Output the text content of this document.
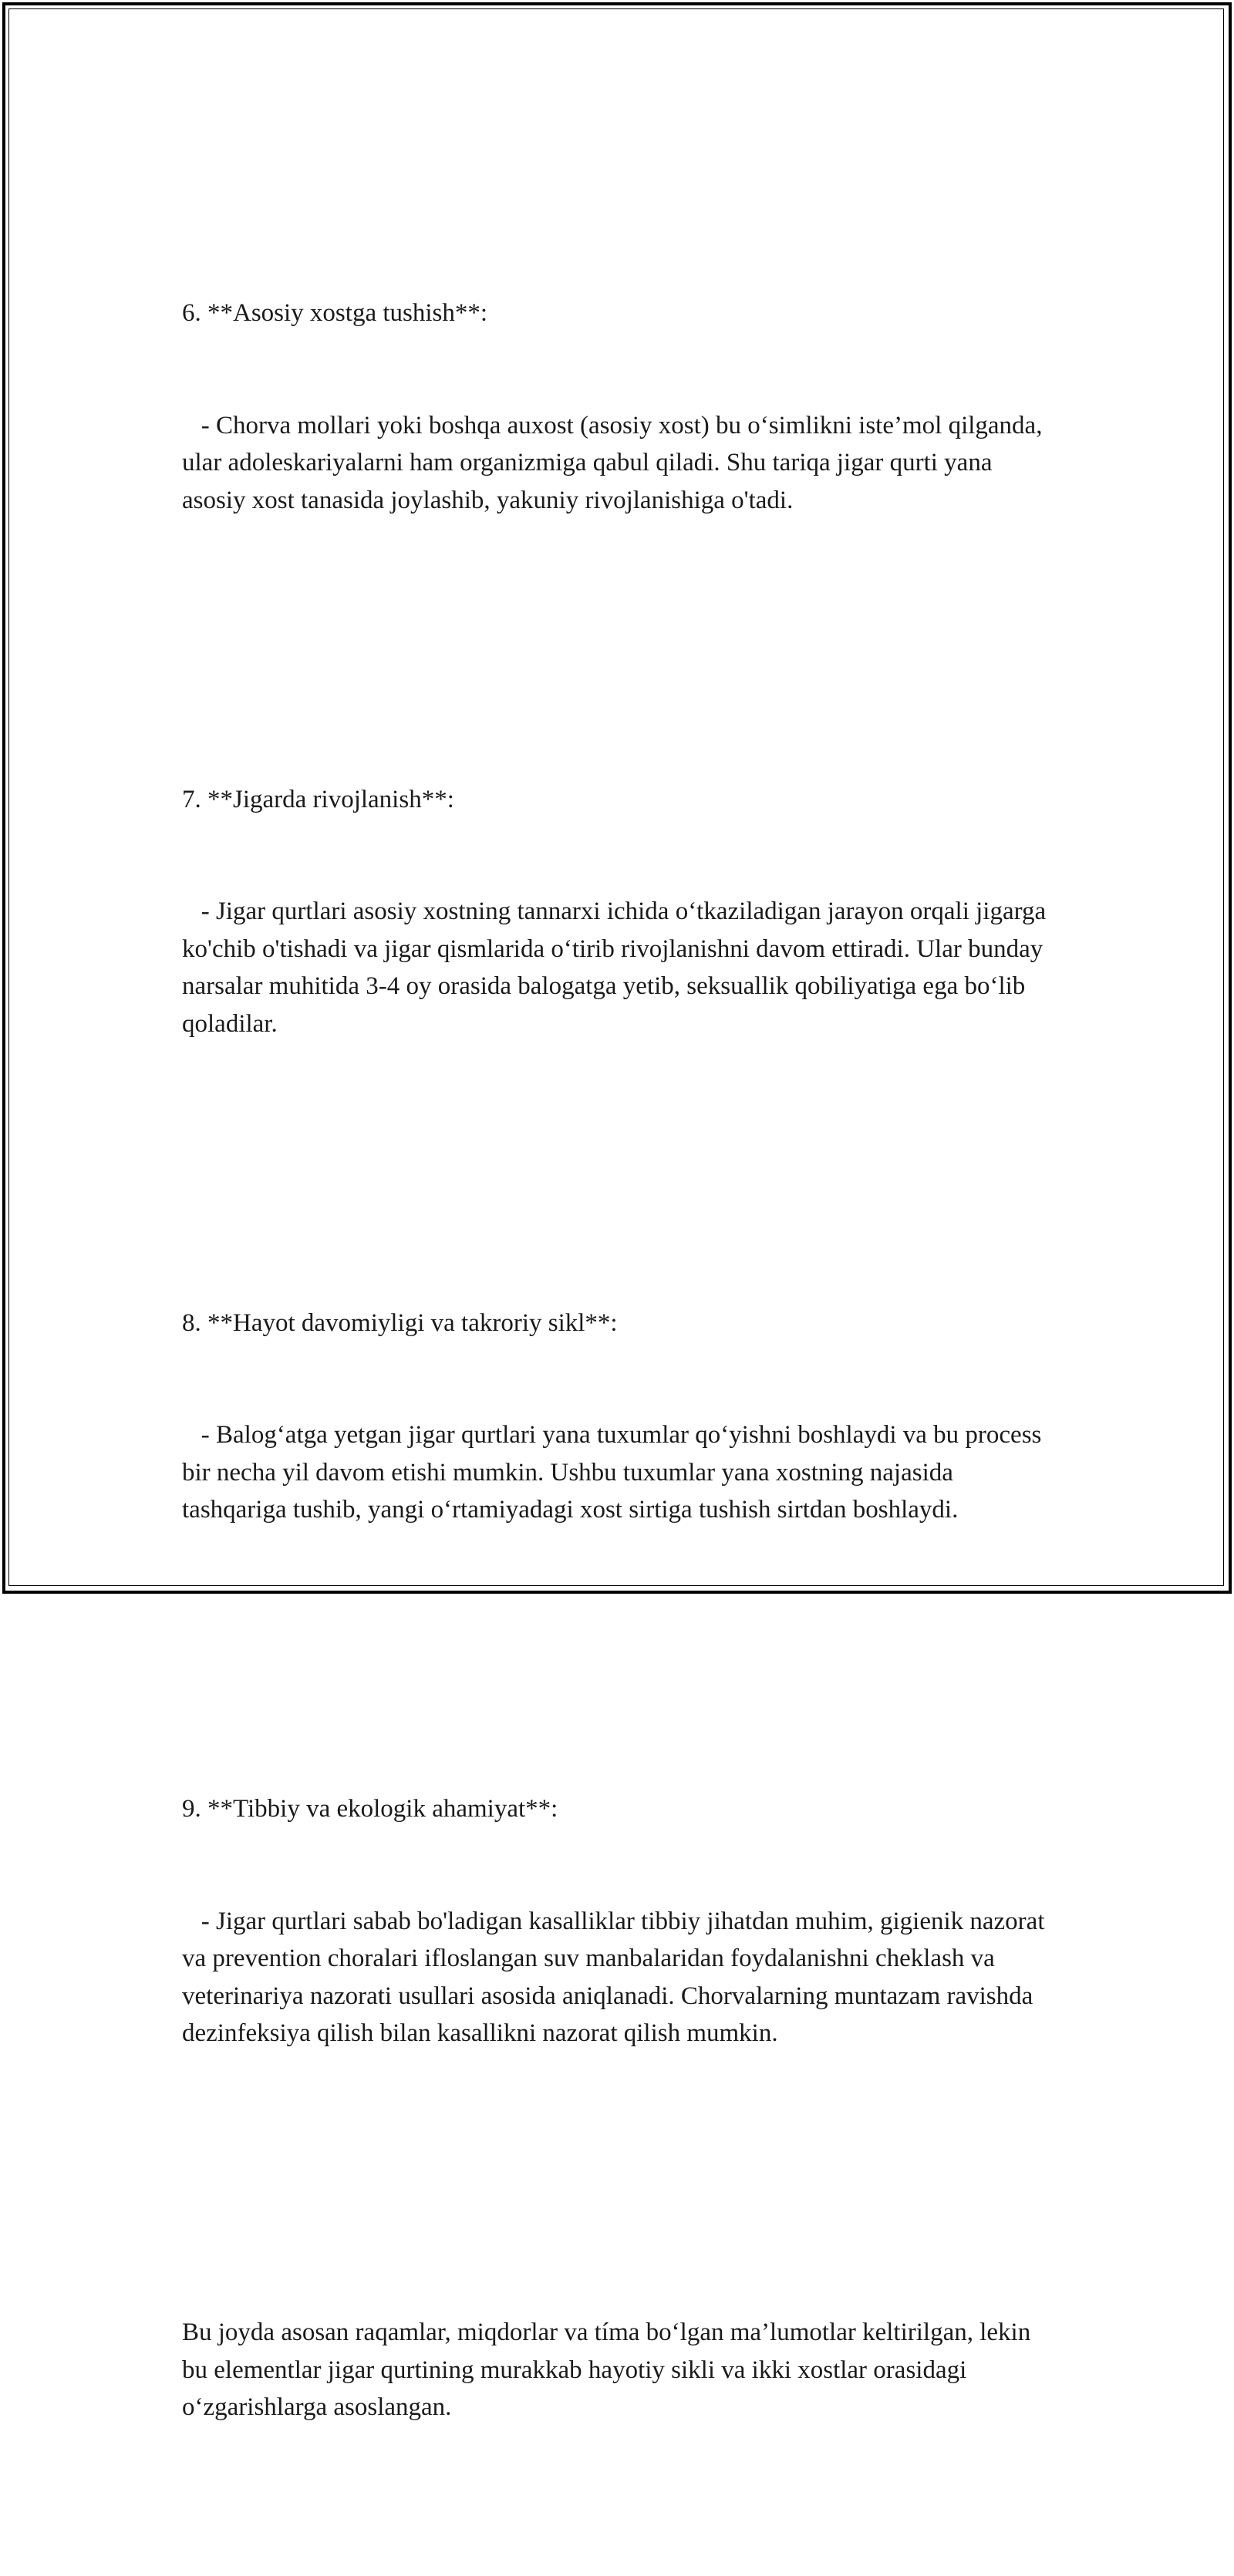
6. **Asosiy xostga tushish**:

- Chorva mollari yoki boshqa auxost (asosiy xost) bu o‘simlikni iste’mol qilganda, ular adoleskariyalarni ham organizmiga qabul qiladi. Shu tariqa jigar qurti yana asosiy xost tanasida joylashib, yakuniy rivojlanishiga o'tadi.

7. **Jigarda rivojlanish**:

- Jigar qurtlari asosiy xostning tannarxi ichida o‘tkaziladigan jarayon orqali jigarga ko'chib o'tishadi va jigar qismlarida o‘tirib rivojlanishni davom ettiradi. Ular bunday narsalar muhitida 3-4 oy orasida balogatga yetib, seksuallik qobiliyatiga ega bo‘lib qoladilar.

8. **Hayot davomiyligi va takroriy sikl**:

- Balog‘atga yetgan jigar qurtlari yana tuxumlar qo‘yishni boshlaydi va bu process bir necha yil davom etishi mumkin. Ushbu tuxumlar yana xostning najasida tashqariga tushib, yangi o‘rtamiyadagi xost sirtiga tushish sirtdan boshlaydi.

9. **Tibbiy va ekologik ahamiyat**:

- Jigar qurtlari sabab bo'ladigan kasalliklar tibbiy jihatdan muhim, gigienik nazorat va prevention choralari ifloslangan suv manbalaridan foydalanishni cheklash va veterinariya nazorati usullari asosida aniqlanadi. Chorvalarning muntazam ravishda dezinfeksiya qilish bilan kasallikni nazorat qilish mumkin.

Bu joyda asosan raqamlar, miqdorlar va tíma bo‘lgan ma’lumotlar keltirilgan, lekin bu elementlar jigar qurtining murakkab hayotiy sikli va ikki xostlar orasidagi o‘zgarishlarga asoslangan.
